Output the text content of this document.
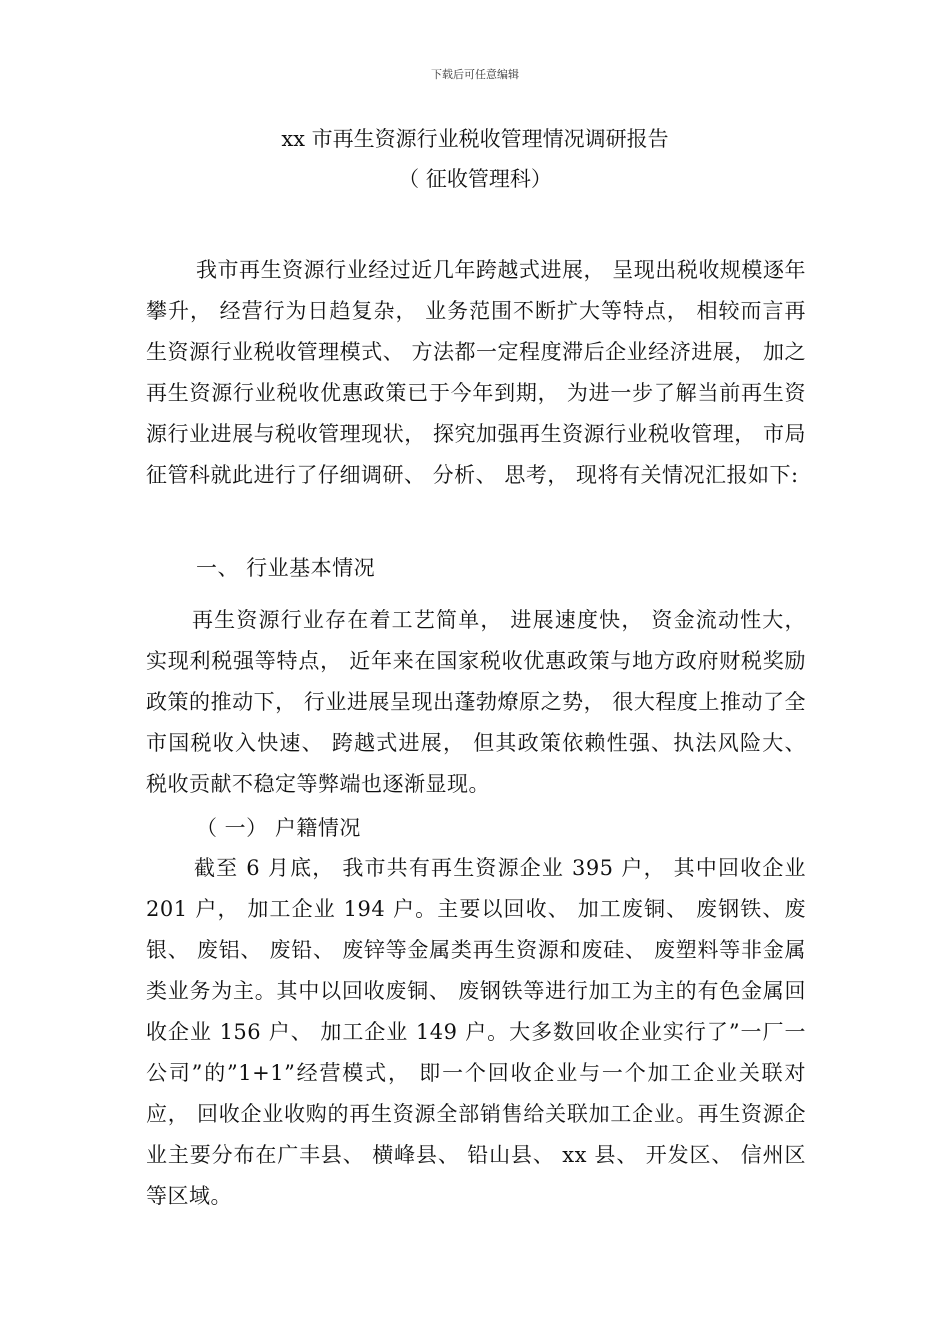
下载后可任意编辑
xx 市再生资源行业税收管理情况调研报告
（ 征收管理科）

我市再生资源行业经过近几年跨越式进展， 呈现出税收规模逐年攀升， 经营行为日趋复杂， 业务范围不断扩大等特点， 相较而言再生资源行业税收管理模式、 方法都一定程度滞后企业经济进展， 加之再生资源行业税收优惠政策已于今年到期， 为进一步了解当前再生资源行业进展与税收管理现状， 探究加强再生资源行业税收管理， 市局征管科就此进行了仔细调研、 分析、 思考， 现将有关情况汇报如下:

一、 行业基本情况

再生资源行业存在着工艺简单， 进展速度快， 资金流动性大，实现利税强等特点， 近年来在国家税收优惠政策与地方政府财税奖励政策的推动下， 行业进展呈现出蓬勃燎原之势， 很大程度上推动了全市国税收入快速、 跨越式进展， 但其政策依赖性强、执法风险大、 税收贡献不稳定等弊端也逐渐显现。

（ 一） 户籍情况

截至 6 月底， 我市共有再生资源企业 395 户， 其中回收企业 201 户， 加工企业 194 户。主要以回收、 加工废铜、 废钢铁、废银、 废铝、 废铅、 废锌等金属类再生资源和废硅、 废塑料等非金属类业务为主。其中以回收废铜、 废钢铁等进行加工为主的有色金属回收企业 156 户、 加工企业 149 户。大多数回收企业实行了”一厂一公司”的”1+1”经营模式， 即一个回收企业与一个加工企业关联对应， 回收企业收购的再生资源全部销售给关联加工企业。再生资源企业主要分布在广丰县、 横峰县、 铅山县、 xx 县、 开发区、 信州区等区域。
